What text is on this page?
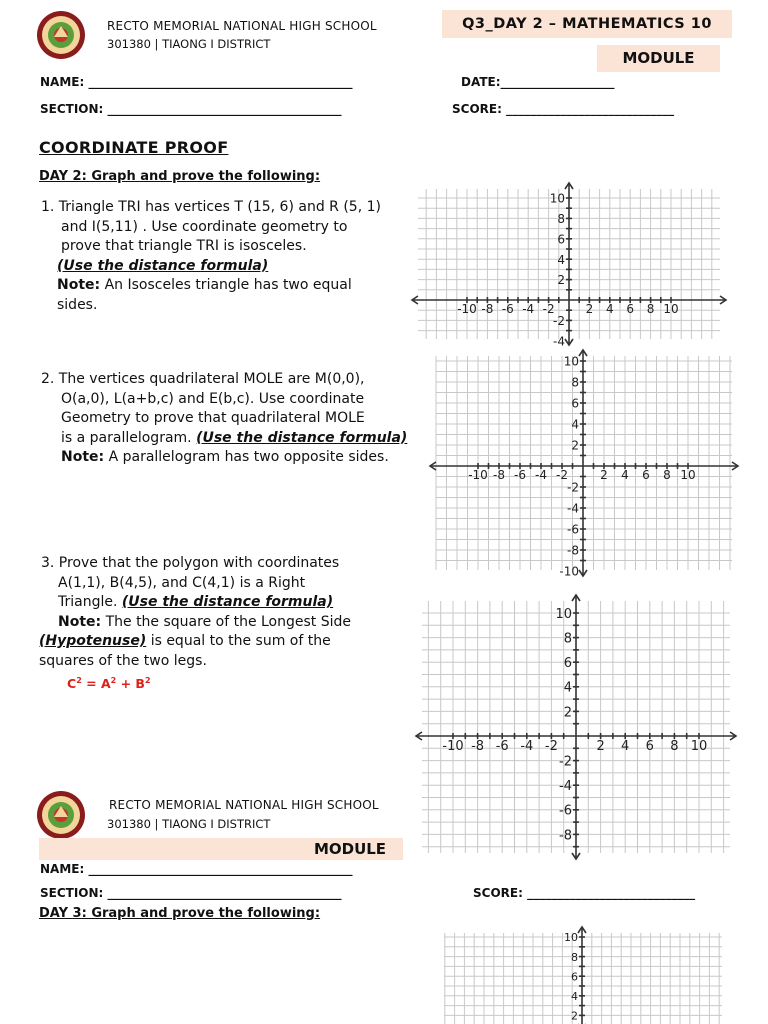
RECTO MEMORIAL NATIONAL HIGH SCHOOL
301380 | TIAONG I DISTRICT
Q3_DAY 2 – MATHEMATICS 10
MODULE
NAME: ____________________________________________	DATE:___________________
SECTION: _______________________________________	SCORE: ____________________________
COORDINATE PROOF
DAY 2: Graph and prove the following:
1. Triangle TRI has vertices T (15, 6) and R (5, 1)
and I(5,11) . Use coordinate geometry to
prove that triangle TRI is isosceles.
(Use the distance formula)
Note: An Isosceles triangle has two equal
sides.
2. The vertices quadrilateral MOLE are M(0,0),
O(a,0), L(a+b,c) and E(b,c). Use coordinate
Geometry to prove that quadrilateral MOLE
is a parallelogram. (Use the distance formula)
Note: A parallelogram has two opposite sides.
3. Prove that the polygon with coordinates
A(1,1), B(4,5), and C(4,1) is a Right
Triangle. (Use the distance formula)
Note: The the square of the Longest Side
(Hypotenuse) is equal to the sum of the
squares of the two legs.
$C^2 = A^2 + B^2$
-10 -8 -6 -4 -2	2 4 6 8 10
10
8
6
4
2
-2
-4
-10 -8 -6 -4 -2	2 4 6 8 10
10
8
6
4
2
-2
-4
-6
-8
-10
-10 -8 -6 -4 -2	2 4 6 8 10
10
8
6
4
2
-2
-4
-6
-8
10
8
6
4
2
RECTO MEMORIAL NATIONAL HIGH SCHOOL
301380 | TIAONG I DISTRICT
MODULE
NAME: ____________________________________________
SECTION: _______________________________________	SCORE: ____________________________
DAY 3: Graph and prove the following:
